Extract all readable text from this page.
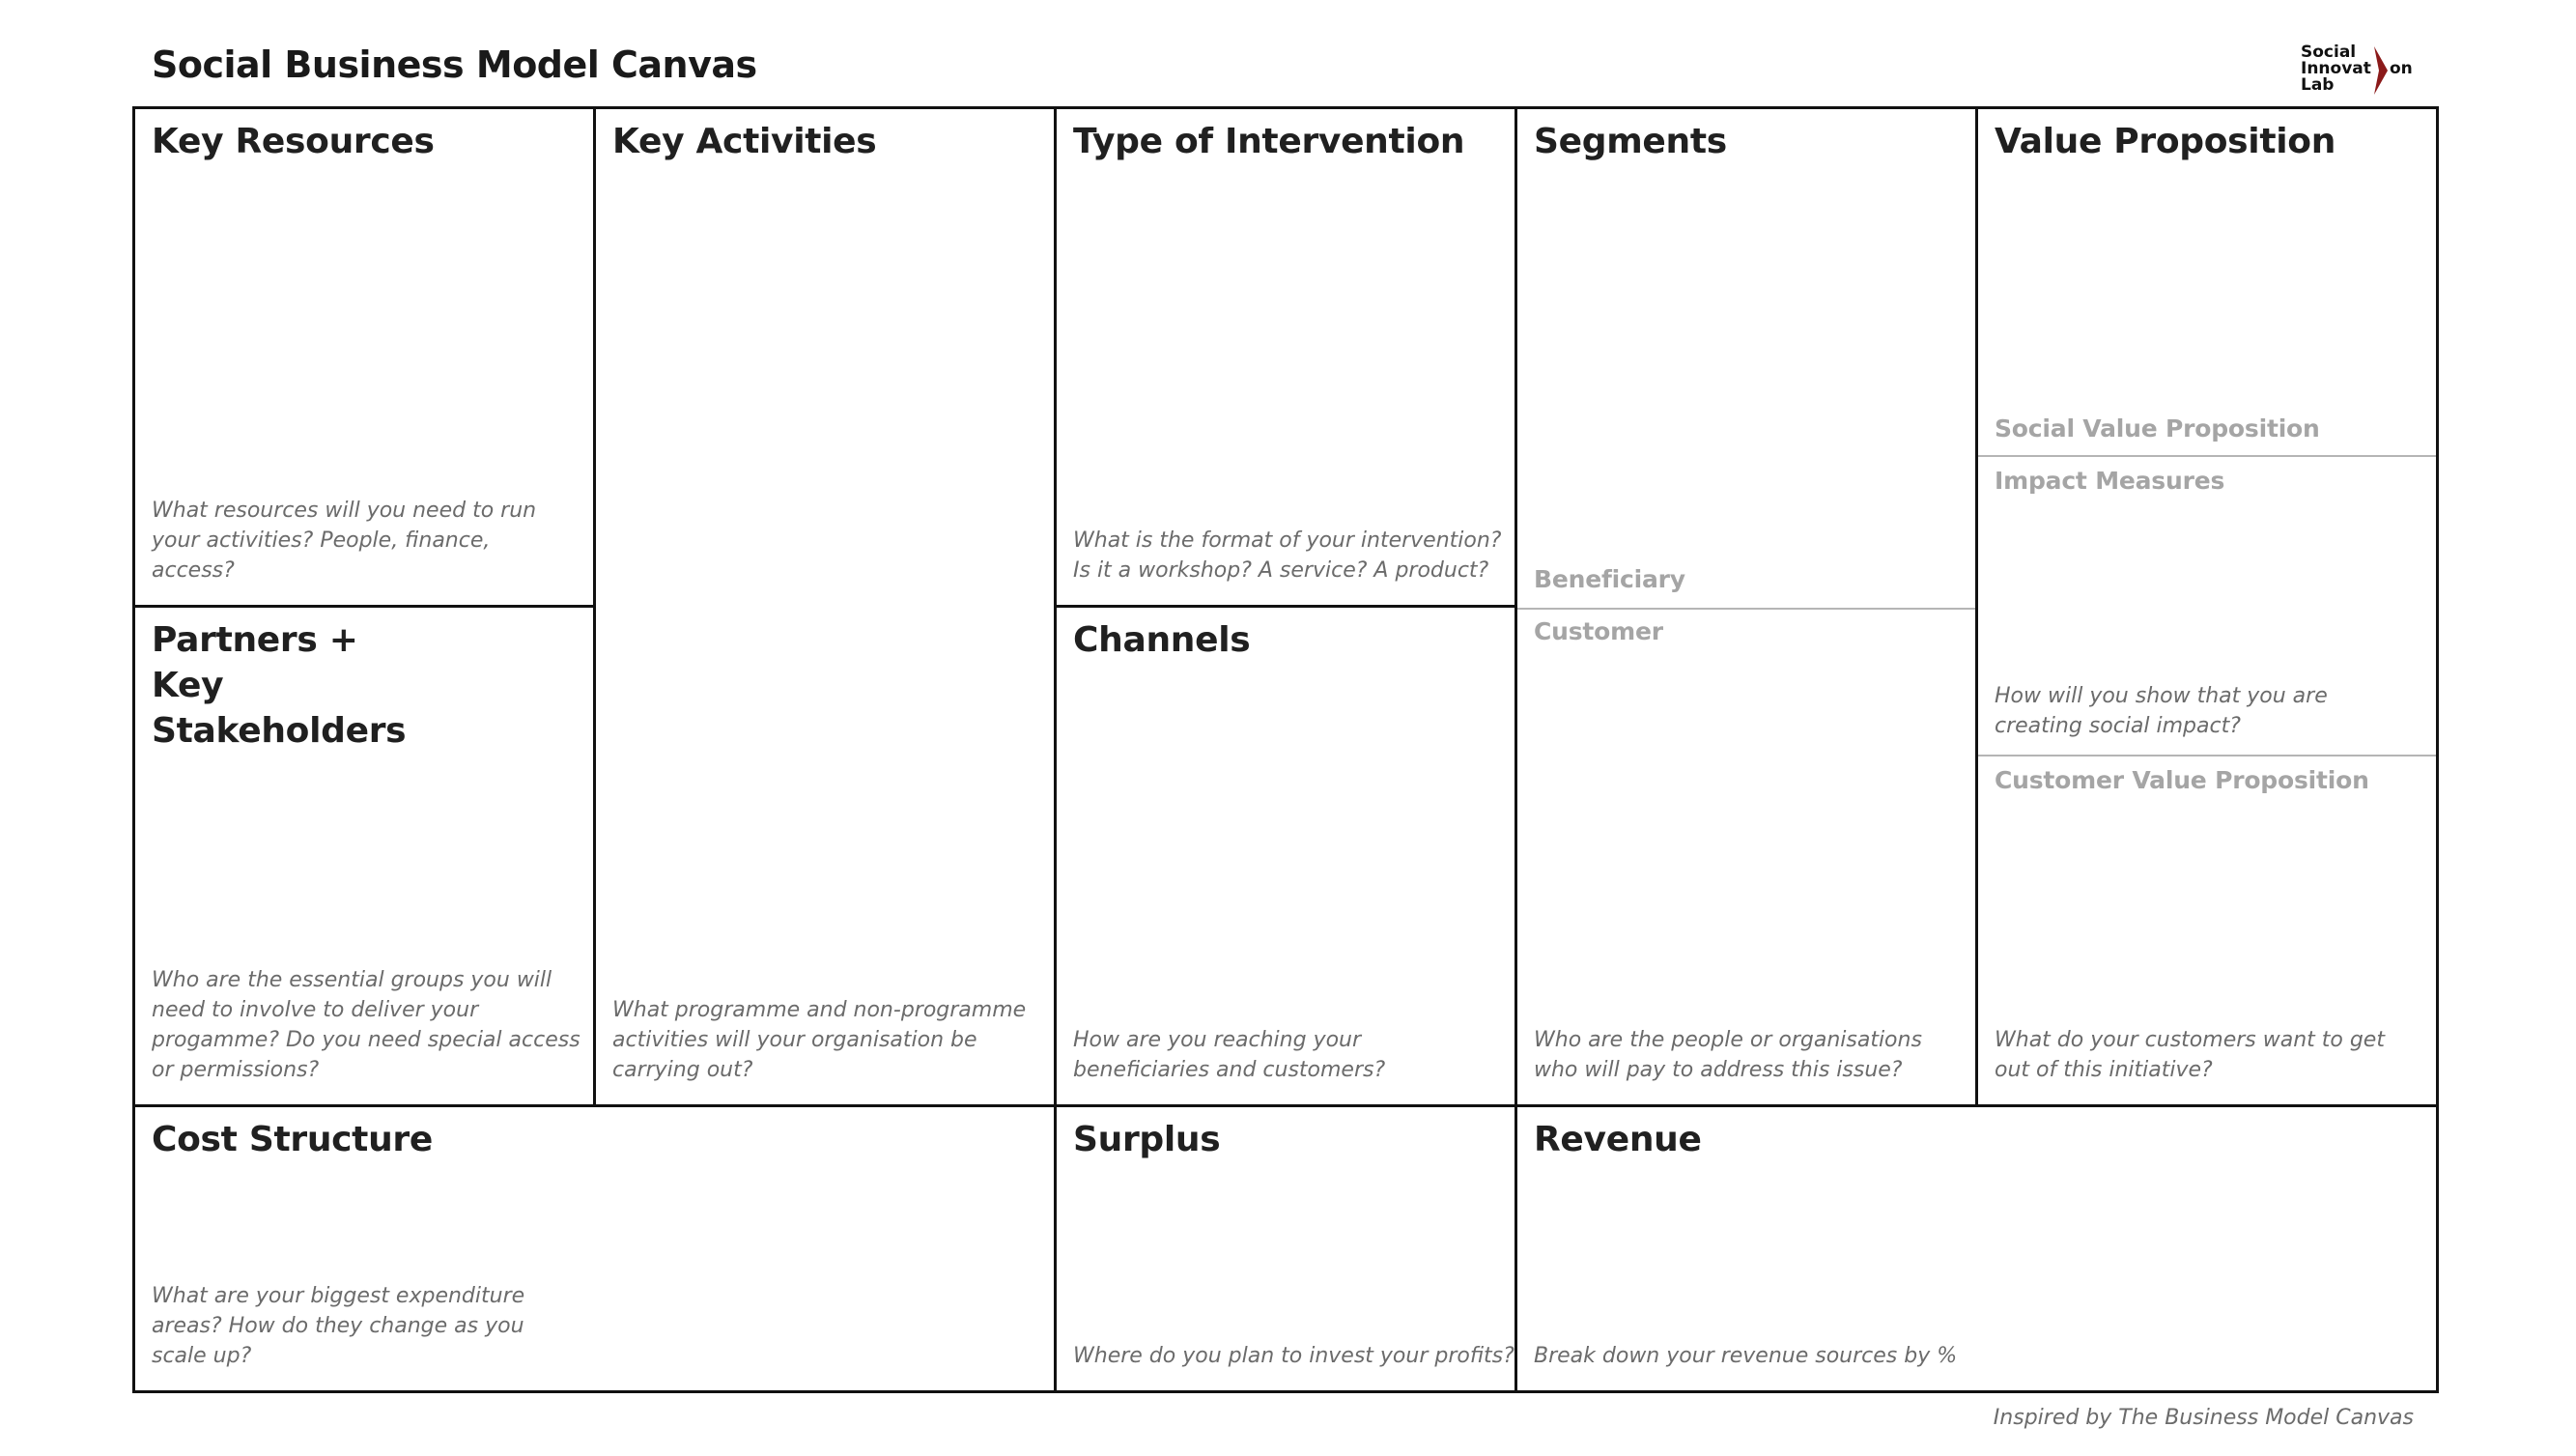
Social Business Model Canvas	Social
Innovat on
Lab
Key Resources
What resources will you need to run your activities? People, finance, access?
Partners + Key Stakeholders
Who are the essential groups you will need to involve to deliver your progamme? Do you need special access or permissions?
Key Activities
What programme and non-programme activities will your organisation be carrying out?
Type of Intervention
What is the format of your intervention? Is it a workshop? A service? A product?
Channels
How are you reaching your beneficiaries and customers?
Segments
Beneficiary
Customer
Who are the people or organisations who will pay to address this issue?
Value Proposition
Social Value Proposition
Impact Measures
How will you show that you are creating social impact?
Customer Value Proposition
What do your customers want to get out of this initiative?
Cost Structure
What are your biggest expenditure areas? How do they change as you scale up?
Surplus
Where do you plan to invest your profits?
Revenue
Break down your revenue sources by %
Inspired by The Business Model Canvas
